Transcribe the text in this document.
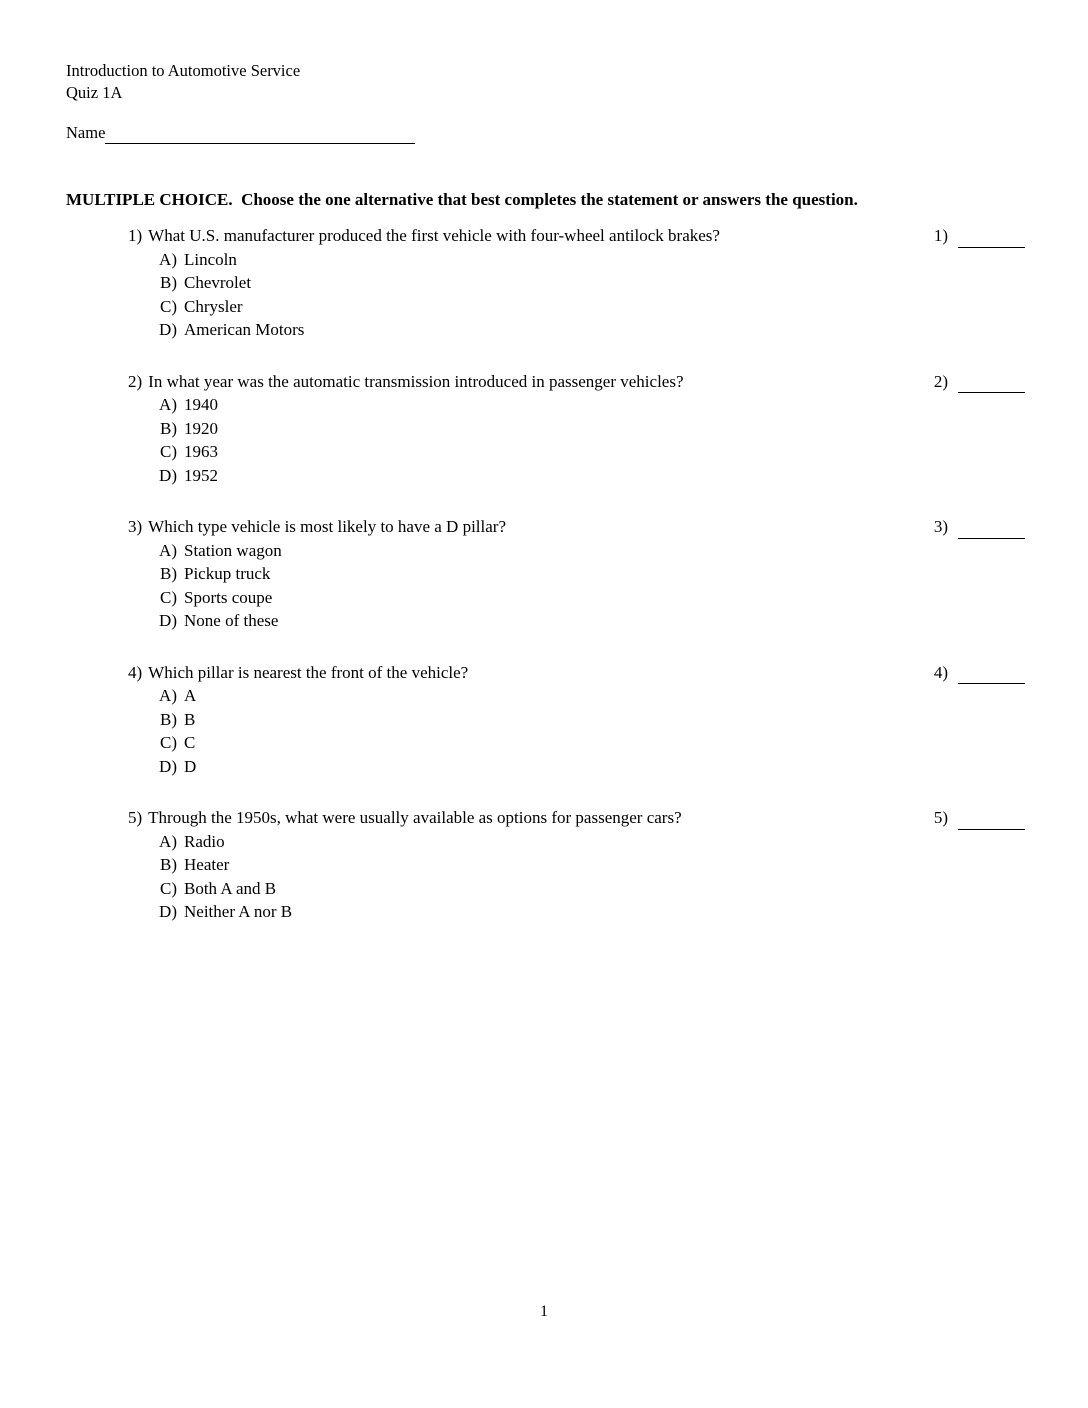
Introduction to Automotive Service
Quiz 1A
Name
MULTIPLE CHOICE.  Choose the one alternative that best completes the statement or answers the question.
1) What U.S. manufacturer produced the first vehicle with four-wheel antilock brakes?	1)
A) Lincoln
B) Chevrolet
C) Chrysler
D) American Motors
2) In what year was the automatic transmission introduced in passenger vehicles?	2)
A) 1940
B) 1920
C) 1963
D) 1952
3) Which type vehicle is most likely to have a D pillar?	3)
A) Station wagon
B) Pickup truck
C) Sports coupe
D) None of these
4) Which pillar is nearest the front of the vehicle?	4)
A) A
B) B
C) C
D) D
5) Through the 1950s, what were usually available as options for passenger cars?	5)
A) Radio
B) Heater
C) Both A and B
D) Neither A nor B
1
